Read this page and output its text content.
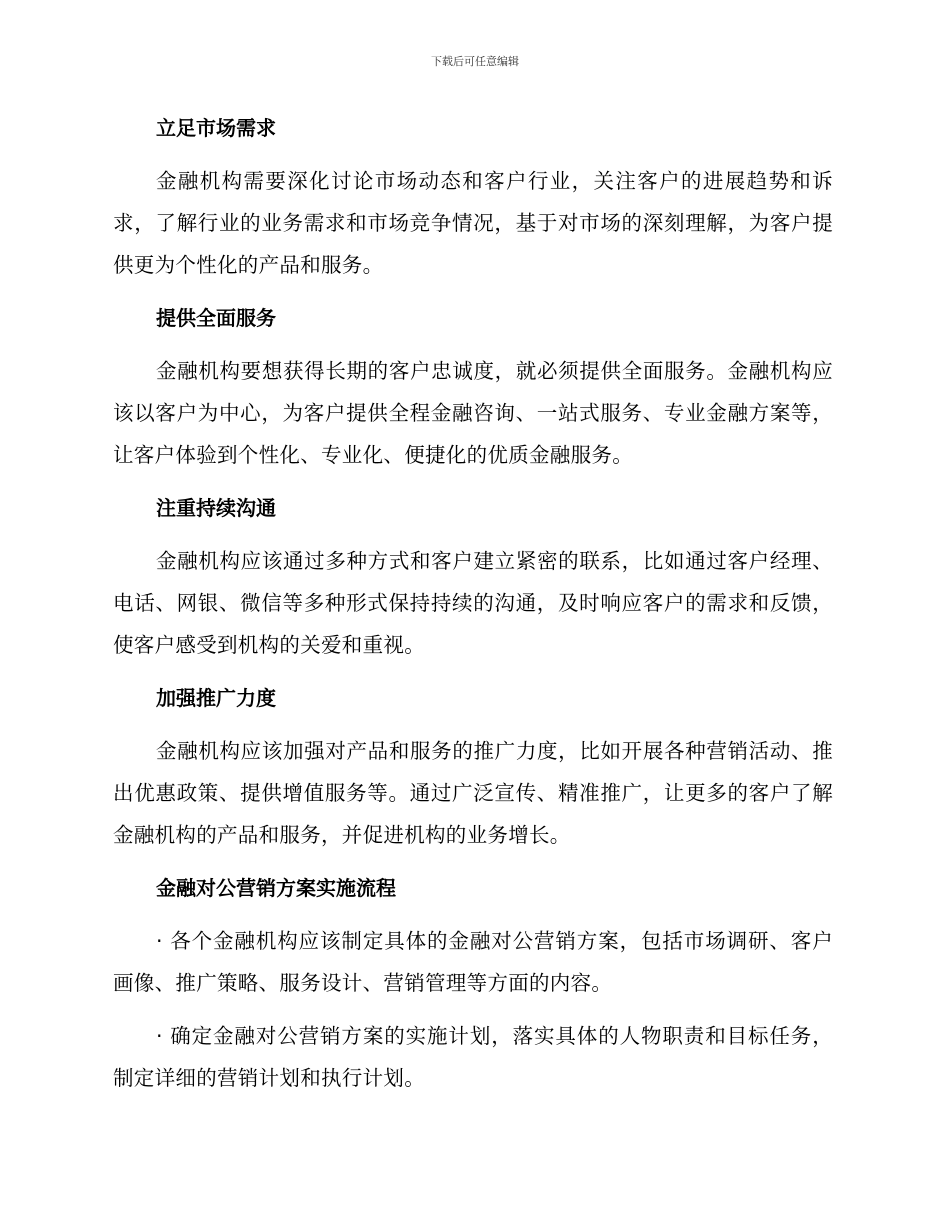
下载后可任意编辑
立足市场需求

金融机构需要深化讨论市场动态和客户行业，关注客户的进展趋势和诉求，了解行业的业务需求和市场竞争情况，基于对市场的深刻理解，为客户提供更为个性化的产品和服务。

提供全面服务

金融机构要想获得长期的客户忠诚度，就必须提供全面服务。金融机构应该以客户为中心，为客户提供全程金融咨询、一站式服务、专业金融方案等，让客户体验到个性化、专业化、便捷化的优质金融服务。

注重持续沟通

金融机构应该通过多种方式和客户建立紧密的联系，比如通过客户经理、电话、网银、微信等多种形式保持持续的沟通，及时响应客户的需求和反馈，使客户感受到机构的关爱和重视。

加强推广力度

金融机构应该加强对产品和服务的推广力度，比如开展各种营销活动、推出优惠政策、提供增值服务等。通过广泛宣传、精准推广，让更多的客户了解金融机构的产品和服务，并促进机构的业务增长。

金融对公营销方案实施流程

· 各个金融机构应该制定具体的金融对公营销方案，包括市场调研、客户画像、推广策略、服务设计、营销管理等方面的内容。

· 确定金融对公营销方案的实施计划，落实具体的人物职责和目标任务，制定详细的营销计划和执行计划。
